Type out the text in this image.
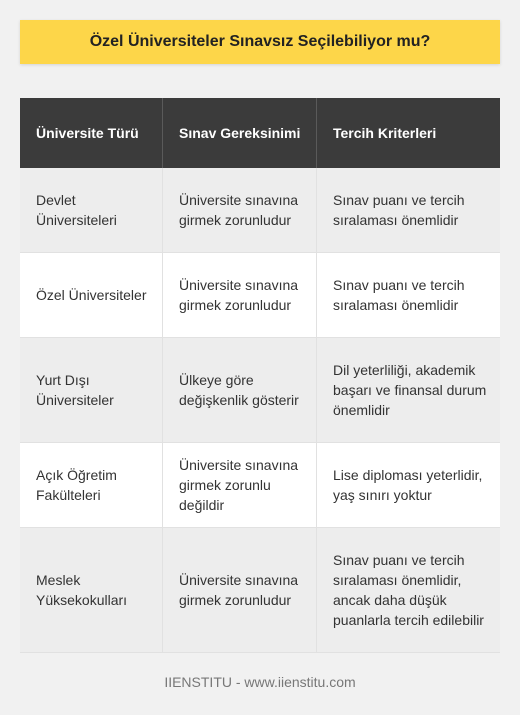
Özel Üniversiteler Sınavsız Seçilebiliyor mu?
Üniversite Türü	Sınav Gereksinimi	Tercih Kriterleri
Devlet Üniversiteleri
Üniversite sınavına girmek zorunludur
Sınav puanı ve tercih sıralaması önemlidir
Özel Üniversiteler
Üniversite sınavına girmek zorunludur
Sınav puanı ve tercih sıralaması önemlidir
Yurt Dışı Üniversiteler
Ülkeye göre değişkenlik gösterir
Dil yeterliliği, akademik başarı ve finansal durum önemlidir
Açık Öğretim Fakülteleri
Üniversite sınavına girmek zorunlu değildir
Lise diploması yeterlidir, yaş sınırı yoktur
Meslek Yüksekokulları
Üniversite sınavına girmek zorunludur
Sınav puanı ve tercih sıralaması önemlidir, ancak daha düşük puanlarla tercih edilebilir
IIENSTITU - www.iienstitu.com
